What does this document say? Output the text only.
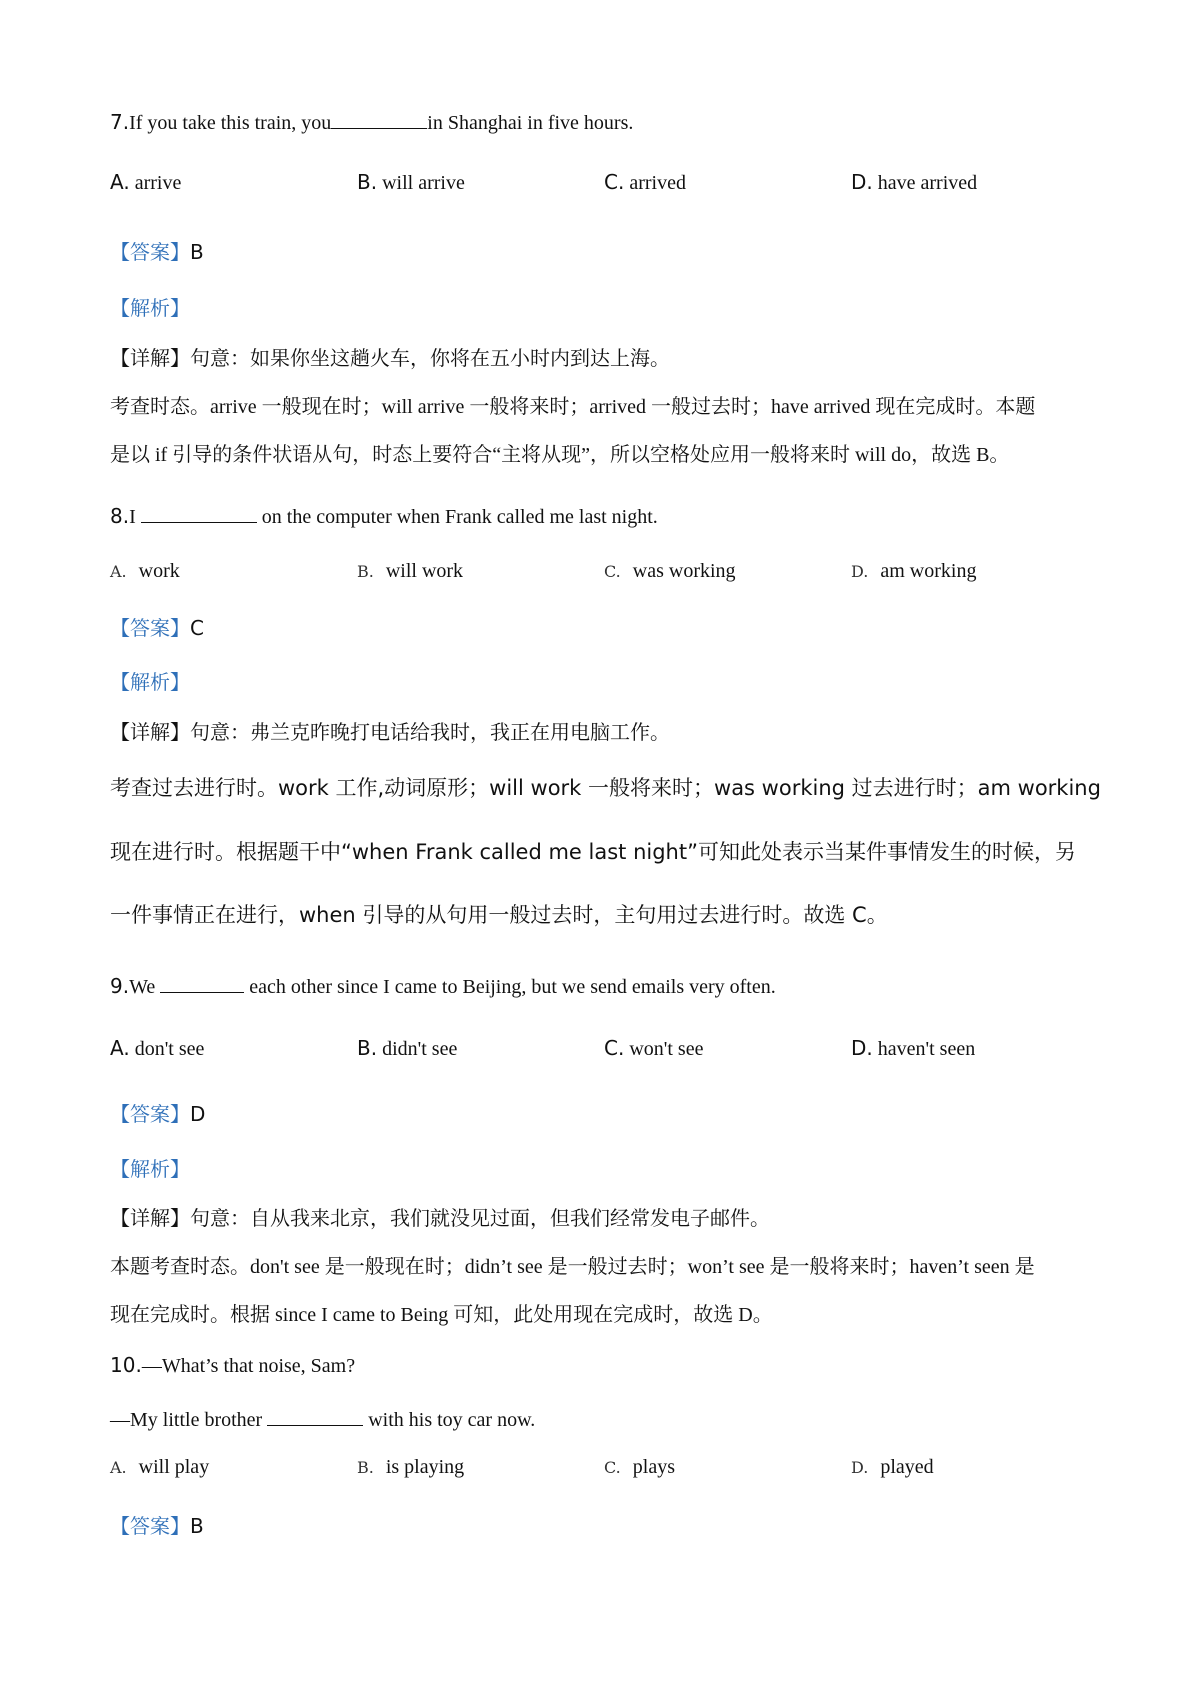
7.If you take this train, you	in Shanghai in five hours.
A. arrive	B. will arrive	C. arrived	D. have arrived
【答案】B
【解析】
【详解】句意：如果你坐这趟火车，你将在五小时内到达上海。
考查时态。arrive 一般现在时；will arrive 一般将来时；arrived 一般过去时；have arrived 现在完成时。本题
是以 if 引导的条件状语从句，时态上要符合“主将从现”，所以空格处应用一般将来时 will do，故选 B。
8.I	on the computer when Frank called me last night.
A. work	B. will work	C. was working	D. am working
【答案】C
【解析】
【详解】句意：弗兰克昨晚打电话给我时，我正在用电脑工作。
考查过去进行时。work 工作,动词原形；will work 一般将来时；was working 过去进行时；am working
现在进行时。根据题干中“when Frank called me last night”可知此处表示当某件事情发生的时候，另
一件事情正在进行，when 引导的从句用一般过去时，主句用过去进行时。故选 C。
9.We	each other since I came to Beijing, but we send emails very often.
A. don't see	B. didn't see	C. won't see	D. haven't seen
【答案】D
【解析】
【详解】句意：自从我来北京，我们就没见过面，但我们经常发电子邮件。
本题考查时态。don't see 是一般现在时；didn’t see 是一般过去时；won’t see 是一般将来时；haven’t seen 是
现在完成时。根据 since I came to Being 可知，此处用现在完成时，故选 D。
10.—What’s that noise, Sam?
—My little brother	with his toy car now.
A. will play	B. is playing	C. plays	D. played
【答案】B
